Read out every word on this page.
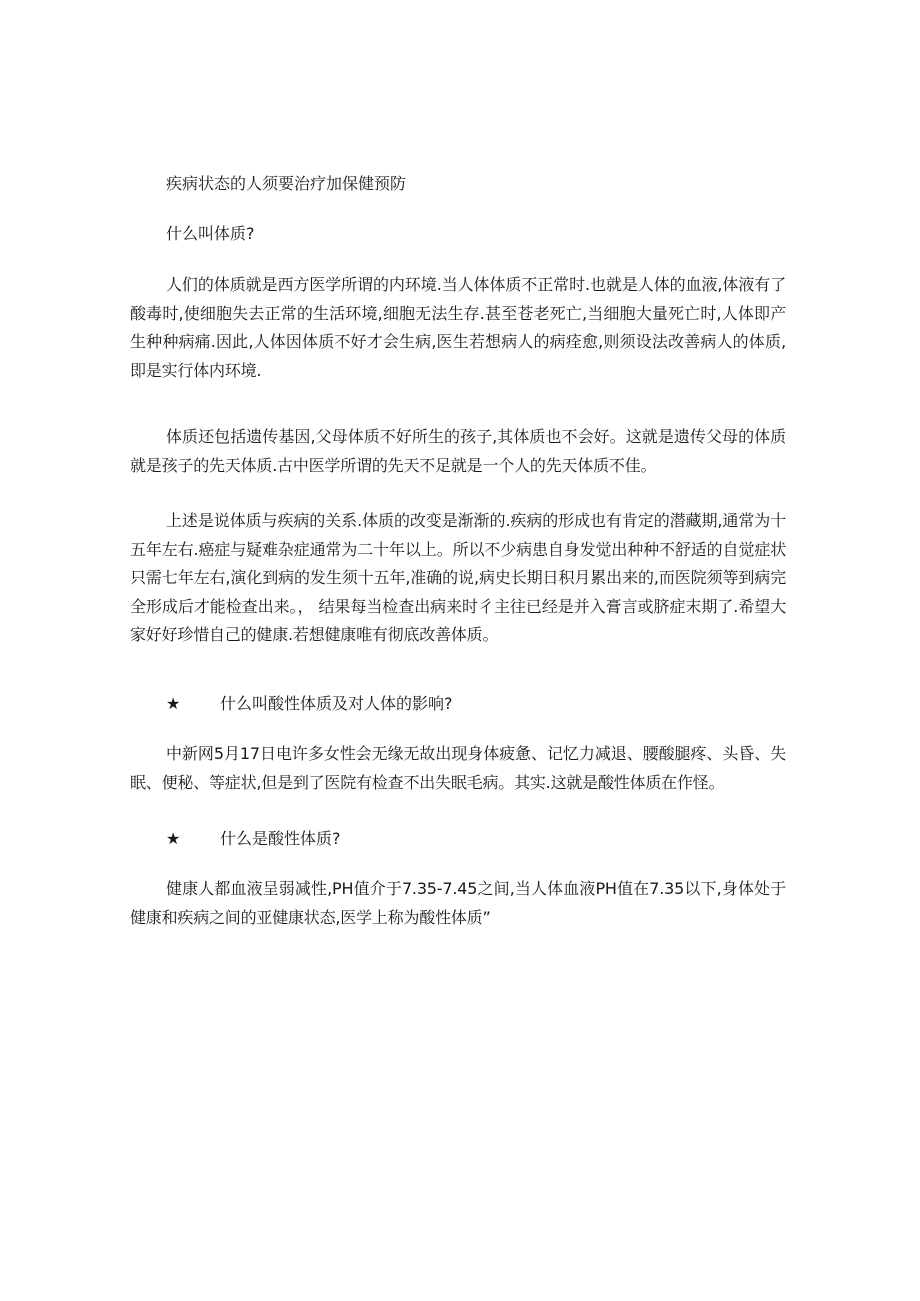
疾病状态的人须要治疗加保健预防
什么叫体质?

人们的体质就是西方医学所谓的内环境.当人体体质不正常时.也就是人体的血液,体液有了酸毒时,使细胞失去正常的生活环境,细胞无法生存.甚至苍老死亡,当细胞大量死亡时,人体即产生种种病痛.因此,人体因体质不好才会生病,医生若想病人的病痊愈,则须设法改善病人的体质,即是实行体内环境.

体质还包括遗传基因,父母体质不好所生的孩子,其体质也不会好。这就是遗传父母的体质就是孩子的先天体质.古中医学所谓的先天不足就是一个人的先天体质不佳。

上述是说体质与疾病的关系.体质的改变是渐渐的.疾病的形成也有肯定的潜藏期,通常为十五年左右.癌症与疑难杂症通常为二十年以上。所以不少病患自身发觉出种种不舒适的自觉症状只需七年左右,演化到病的发生须十五年,准确的说,病史长期日积月累出来的,而医院须等到病完全形成后才能检查出来。， 结果每当检查出病来时彳主往已经是并入膏言或脐症末期了.希望大家好好珍惜自己的健康.若想健康唯有彻底改善体质。

★ 什么叫酸性体质及对人体的影响?

中新网5月17日电许多女性会无缘无故出现身体疲惫、记忆力减退、腰酸腿疼、头昏、失眠、便秘、等症状,但是到了医院有检查不出失眠毛病。其实.这就是酸性体质在作怪。

★ 什么是酸性体质?

健康人都血液呈弱减性,PH值介于7.35-7.45之间,当人体血液PH值在7.35以下,身体处于健康和疾病之间的亚健康状态,医学上称为酸性体质”
